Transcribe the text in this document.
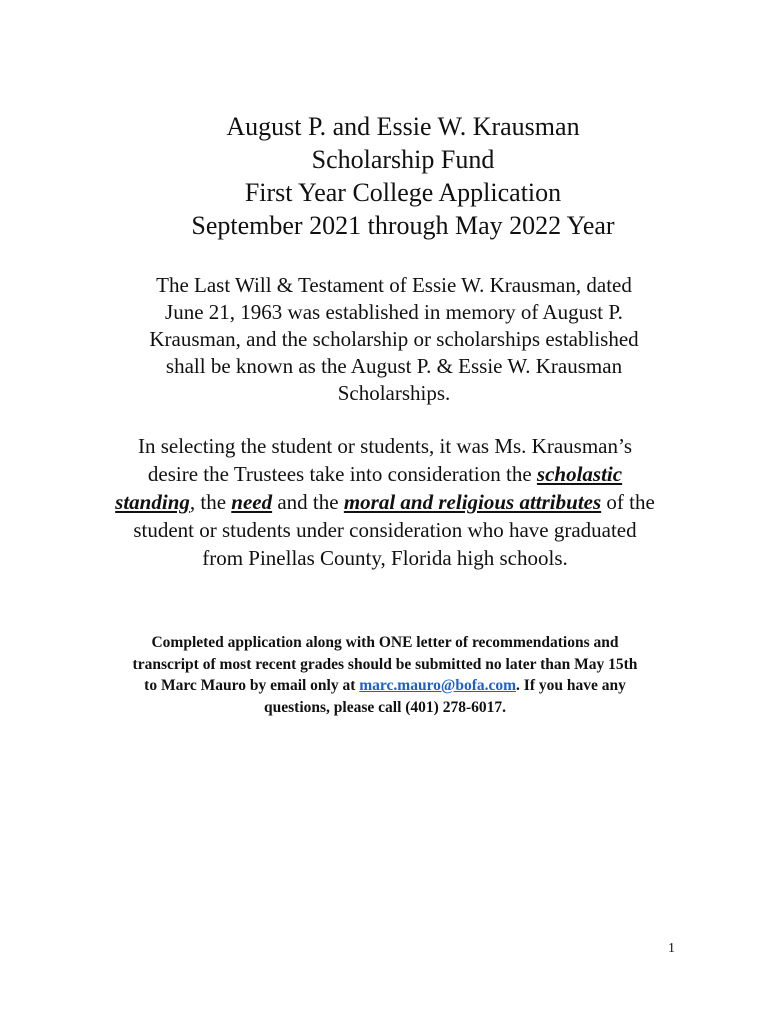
August P. and Essie W. Krausman
Scholarship Fund
First Year College Application
September 2021 through May 2022 Year
The Last Will & Testament of Essie W. Krausman, dated
June 21, 1963 was established in memory of August P.
Krausman, and the scholarship or scholarships established
shall be known as the August P. & Essie W. Krausman
Scholarships.
In selecting the student or students, it was Ms. Krausman’s
desire the Trustees take into consideration the scholastic
standing, the need and the moral and religious attributes of the
student or students under consideration who have graduated
from Pinellas County, Florida high schools.
Completed application along with ONE letter of recommendations and
transcript of most recent grades should be submitted no later than May 15th
to Marc Mauro by email only at marc.mauro@bofa.com. If you have any
questions, please call (401) 278-6017.
1
